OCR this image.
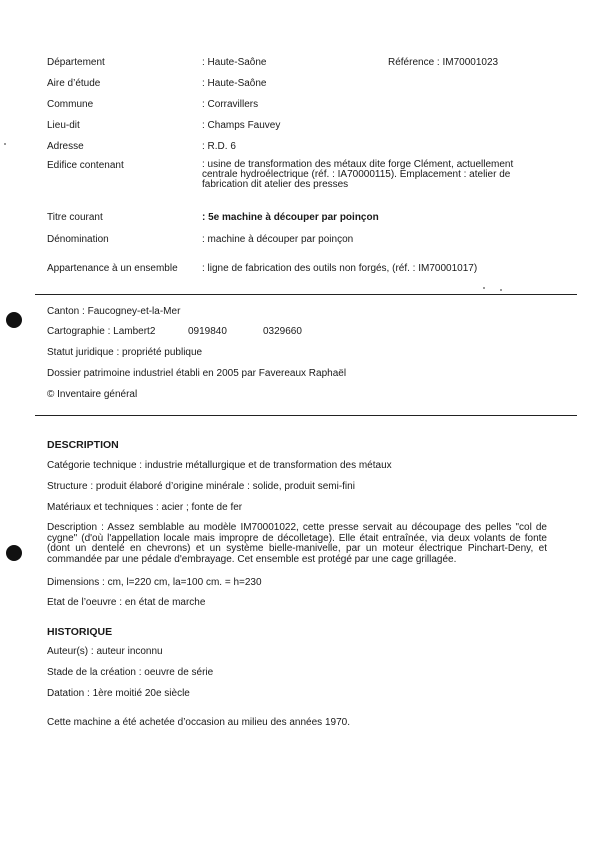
Département	: Haute-Saône	Référence : IM70001023
Aire d’étude	: Haute-Saône
Commune	: Corravillers
Lieu-dit	: Champs Fauvey
Adresse	: R.D. 6
Edifice contenant	: usine de transformation des métaux dite forge Clément, actuellement centrale hydroélectrique (réf. : IA70000115). Emplacement : atelier de fabrication dit atelier des presses
Titre courant	: 5e machine à découper par poinçon
Dénomination	: machine à découper par poinçon
Appartenance à un ensemble : ligne de fabrication des outils non forgés, (réf. : IM70001017)
Canton : Faucogney-et-la-Mer
Cartographie : Lambert2	0919840	0329660
Statut juridique : propriété publique
Dossier patrimoine industriel établi en 2005 par Favereaux Raphaël
© Inventaire général
DESCRIPTION
Catégorie technique : industrie métallurgique et de transformation des métaux
Structure : produit élaboré d’origine minérale : solide, produit semi-fini
Matériaux et techniques : acier ; fonte de fer
Description : Assez semblable au modèle IM70001022, cette presse servait au découpage des pelles "col de cygne" (d'où l'appellation locale mais impropre de décolletage). Elle était entraînée, via deux volants de fonte (dont un dentelé en chevrons) et un système bielle-manivelle, par un moteur électrique Pinchart-Deny, et commandée par une pédale d'embrayage. Cet ensemble est protégé par une cage grillagée.
Dimensions : cm, l=220 cm, la=100 cm. = h=230
Etat de l’oeuvre : en état de marche
HISTORIQUE
Auteur(s) : auteur inconnu
Stade de la création : oeuvre de série
Datation : 1ère moitié 20e siècle
Cette machine a été achetée d’occasion au milieu des années 1970.
